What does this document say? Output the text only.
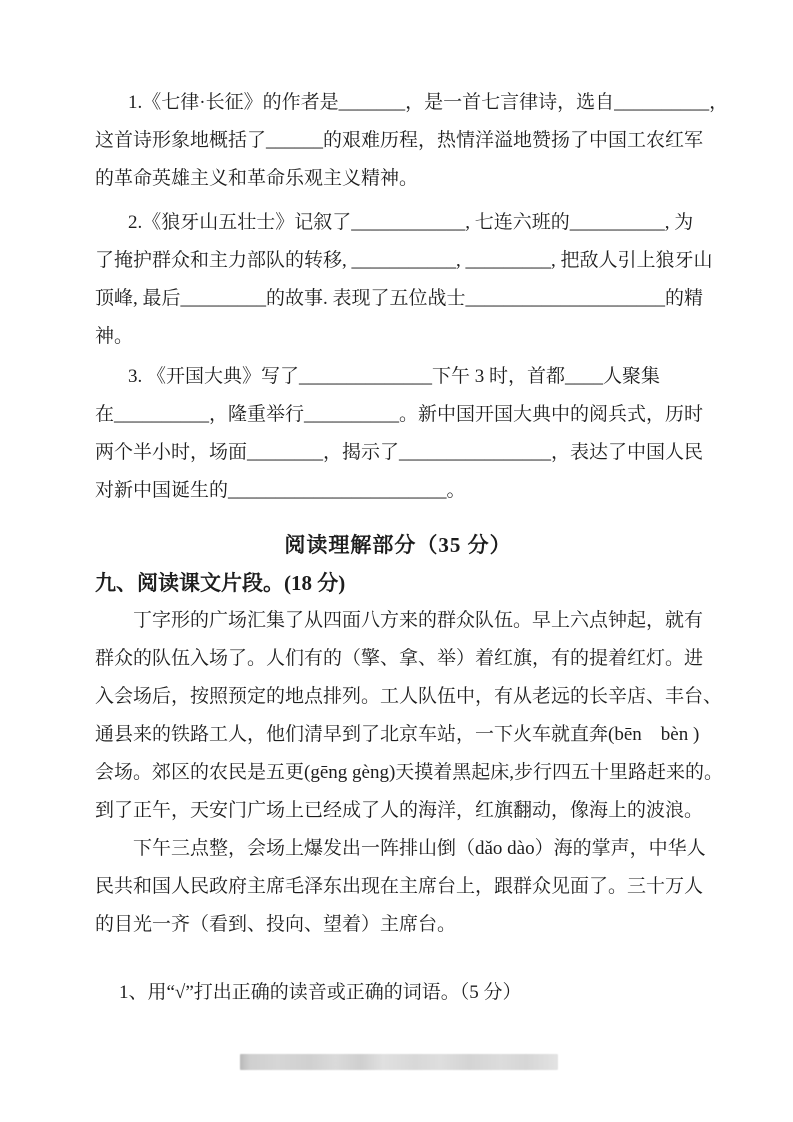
1.《七律·长征》的作者是_______，是一首七言律诗，选自__________，
这首诗形象地概括了______的艰难历程，热情洋溢地赞扬了中国工农红军
的革命英雄主义和革命乐观主义精神。
2.《狼牙山五壮士》记叙了____________, 七连六班的__________, 为
了掩护群众和主力部队的转移, ___________, _________, 把敌人引上狼牙山
顶峰, 最后_________的故事. 表现了五位战士_____________________的精
神。
3. 《开国大典》写了______________下午 3 时，首都____人聚集
在__________，隆重举行__________。新中国开国大典中的阅兵式，历时
两个半小时，场面________，揭示了________________，表达了中国人民
对新中国诞生的_______________________。
阅读理解部分（35 分）
九、阅读课文片段。(18 分)
丁字形的广场汇集了从四面八方来的群众队伍。早上六点钟起，就有
群众的队伍入场了。人们有的（擎、拿、举）着红旗，有的提着红灯。进
入会场后，按照预定的地点排列。工人队伍中，有从老远的长辛店、丰台、
通县来的铁路工人，他们清早到了北京车站，一下火车就直奔(bēn　bèn )
会场。郊区的农民是五更(gēng gèng)天摸着黑起床,步行四五十里路赶来的。
到了正午，天安门广场上已经成了人的海洋，红旗翻动，像海上的波浪。
下午三点整，会场上爆发出一阵排山倒（dǎo dào）海的掌声，中华人
民共和国人民政府主席毛泽东出现在主席台上，跟群众见面了。三十万人
的目光一齐（看到、投向、望着）主席台。
1、用“√”打出正确的读音或正确的词语。（5 分）
